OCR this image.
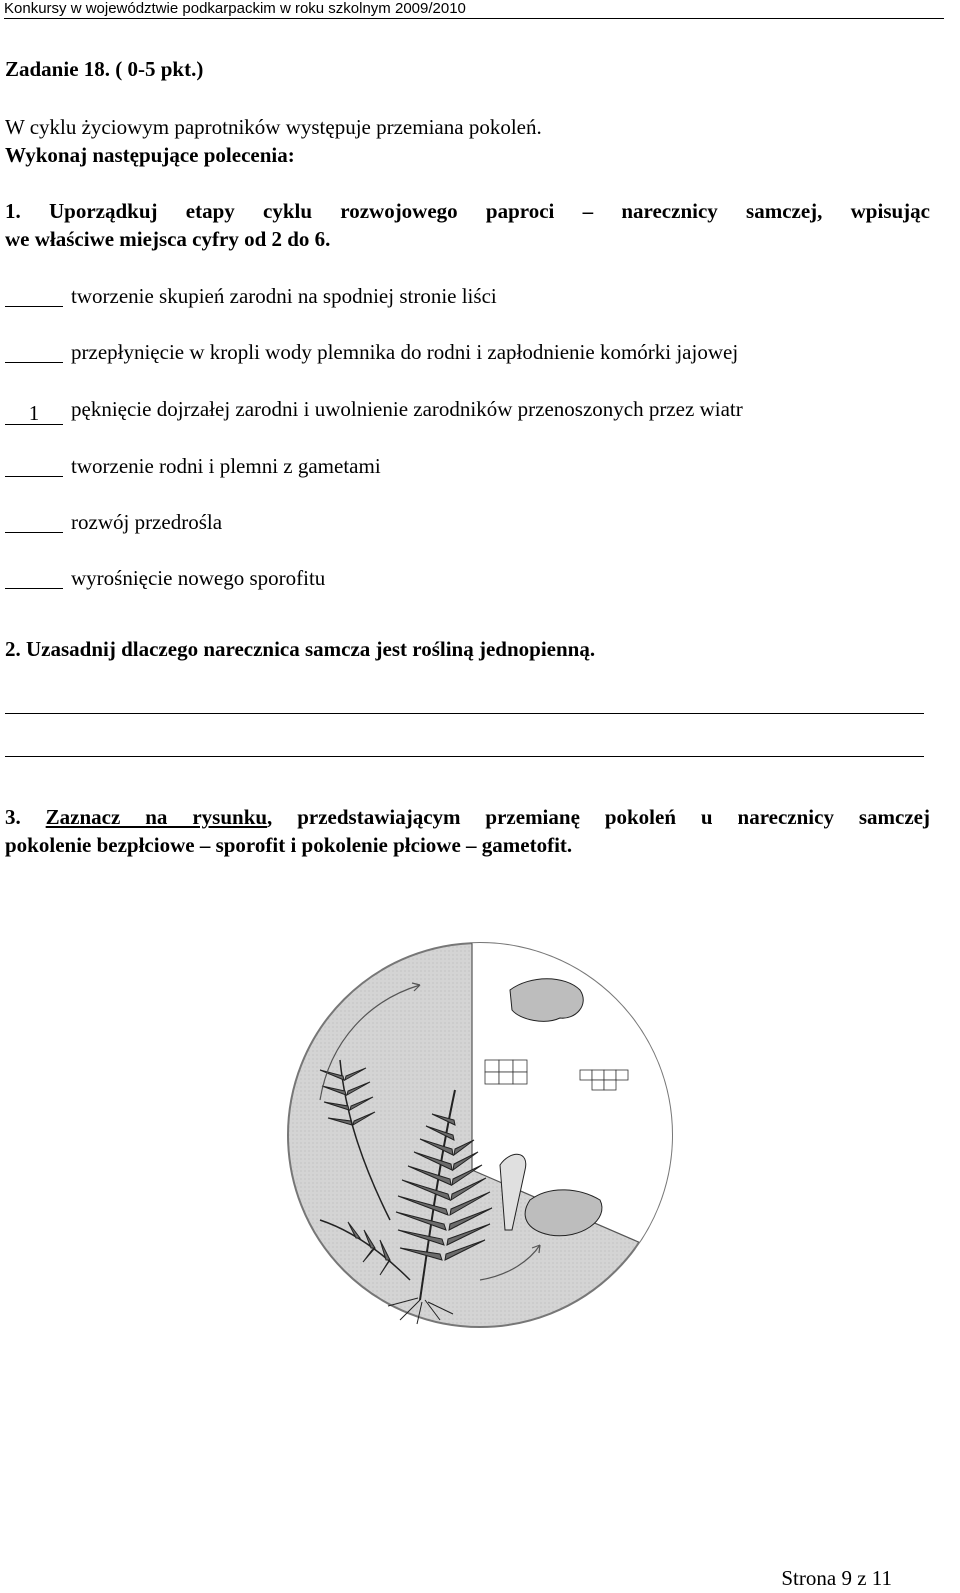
Konkursy w województwie podkarpackim w roku szkolnym 2009/2010
Zadanie 18. ( 0-5 pkt.)
W cyklu życiowym paprotników występuje przemiana pokoleń.
Wykonaj następujące polecenia:
1. Uporządkuj etapy cyklu rozwojowego paproci – narecznicy samczej, wpisując
we właściwe miejsca cyfry od 2 do 6.
tworzenie skupień zarodni na spodniej stronie liści
przepłynięcie w kropli wody plemnika do rodni i zapłodnienie komórki jajowej
1 pęknięcie dojrzałej zarodni i uwolnienie zarodników przenoszonych przez wiatr
tworzenie rodni i plemni z gametami
rozwój przedrośla
wyrośnięcie nowego sporofitu
2. Uzasadnij dlaczego narecznica samcza jest rośliną jednopienną.
3. Zaznacz na rysunku, przedstawiającym przemianę pokoleń u narecznicy samczej
pokolenie bezpłciowe – sporofit i pokolenie płciowe – gametofit.
Strona 9 z 11
